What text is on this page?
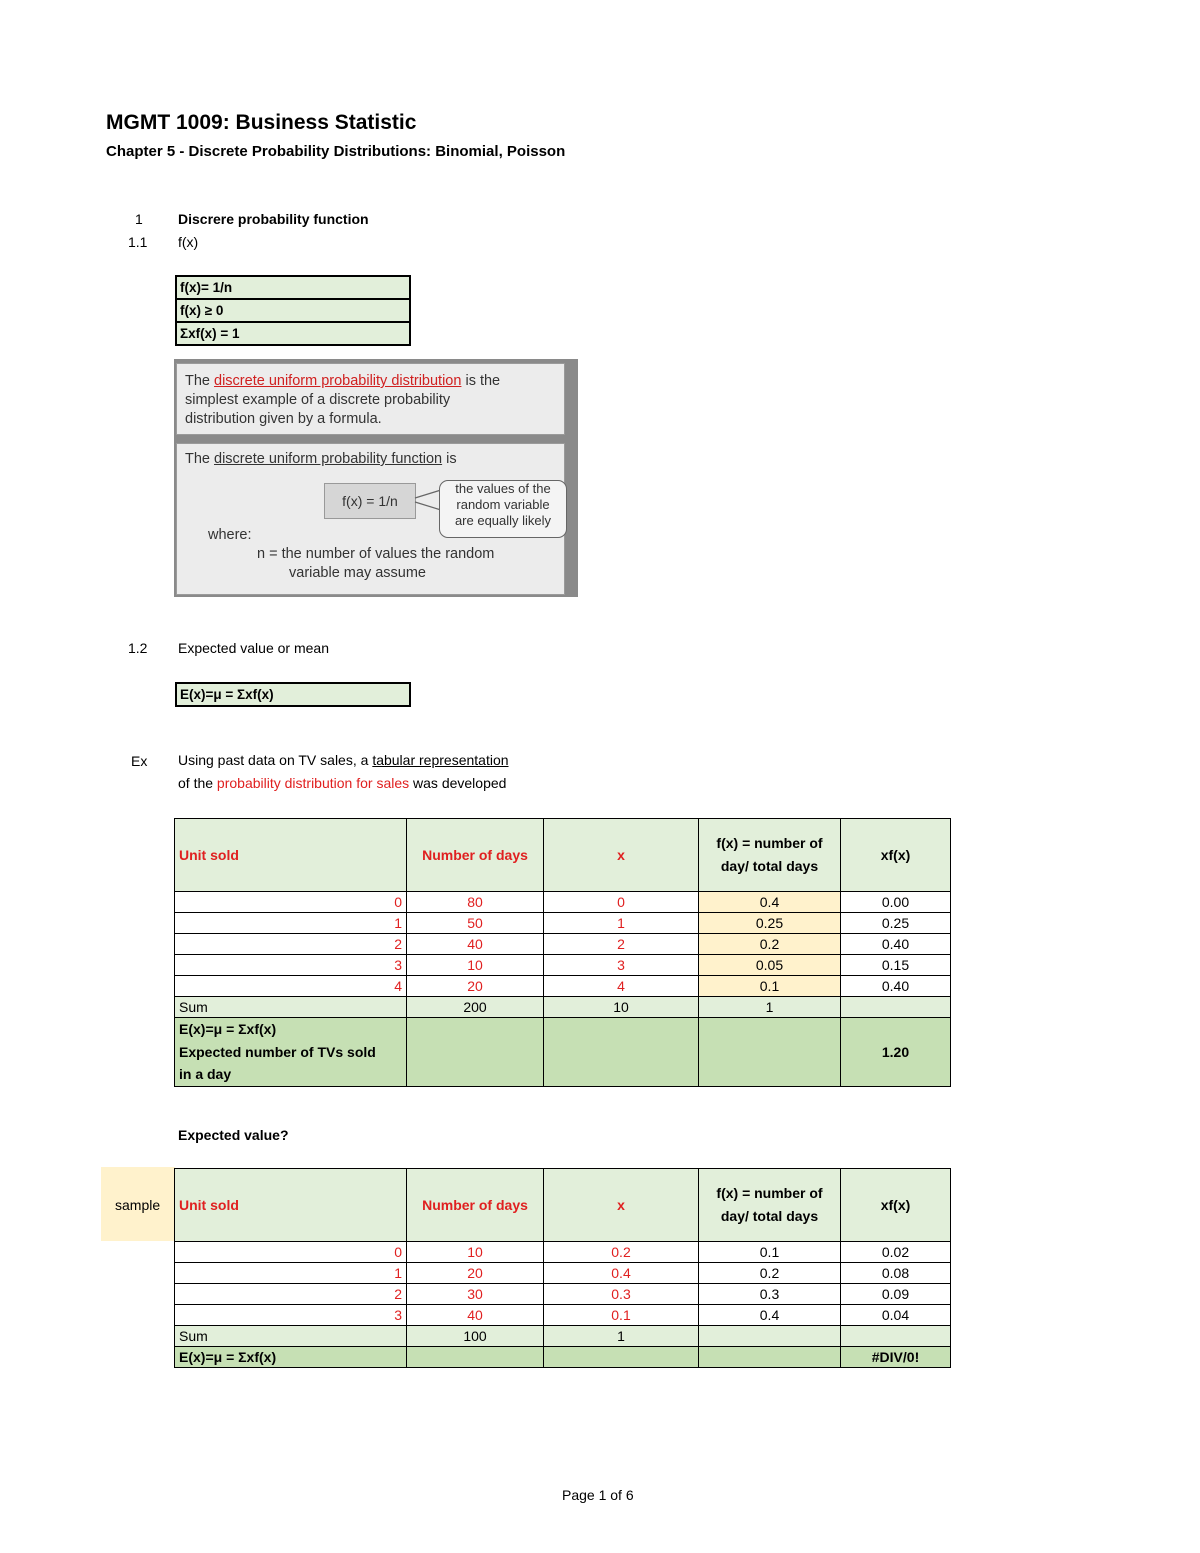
MGMT 1009: Business Statistic
Chapter 5 - Discrete Probability Distributions: Binomial, Poisson
1	Discrere probability function
1.1 f(x)
f(x)= 1/n
f(x) ≥ 0
Σxf(x) = 1
The discrete uniform probability distribution is the
simplest example of a discrete probability
distribution given by a formula.
The discrete uniform probability function is
f(x) = 1/n
the values of the
random variable
are equally likely
where:
n = the number of values the random
variable may assume
1.2 Expected value or mean
E(x)=μ = Σxf(x)
Ex Using past data on TV sales, a tabular representation
of the probability distribution for sales was developed
Unit sold	Number of days	x	f(x) = number of day/ total days	xf(x)
0	80	0	0.4	0.00
1	50	1	0.25	0.25
2	40	2	0.2	0.40
3	10	3	0.05	0.15
4	20	4	0.1	0.40
Sum	200	10	1	

E(x)=μ = Σxf(x)
Expected number of TVs sold
in a day				1.20
Expected value?
sample Unit sold	Number of days	x	f(x) = number of day/ total days	xf(x)
0	10	0.2	0.1	0.02
1	20	0.4	0.2	0.08
2	30	0.3	0.3	0.09
3	40	0.1	0.4	0.04
Sum	100	1		
E(x)=μ = Σxf(x)				#DIV/0!
Page 1 of 6
